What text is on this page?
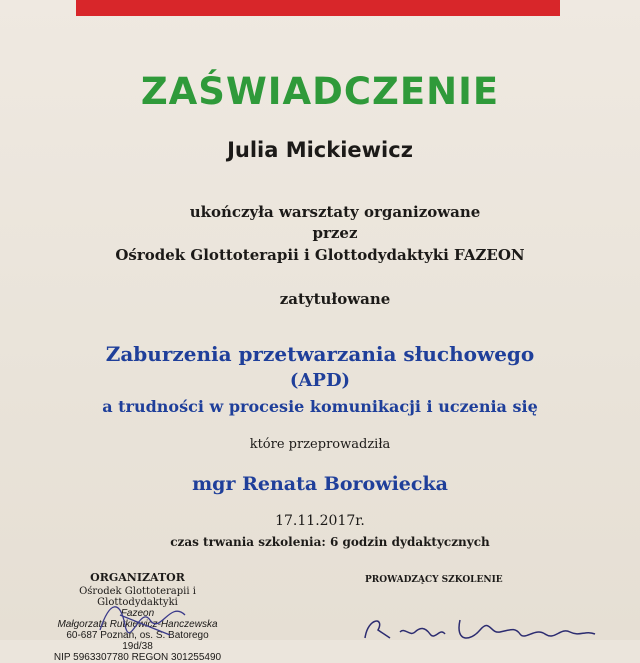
ZAŚWIADCZENIE
Julia Mickiewicz
ukończyła warsztaty organizowane
przez
Ośrodek Glottoterapii i Glottodydaktyki FAZEON
zatytułowane
Zaburzenia przetwarzania słuchowego
(APD)
a trudności w procesie komunikacji i uczenia się
które przeprowadziła
mgr Renata Borowiecka
17.11.2017r.
czas trwania szkolenia: 6 godzin dydaktycznych
ORGANIZATOR
Ośrodek Glottoterapii i Glottodydaktyki
Fazeon
Małgorzata Rutkiewicz-Hanczewska
60-687 Poznań, os. S. Batorego 19d/38
NIP 5963307780 REGON 301255490
PROWADZĄCY SZKOLENIE
